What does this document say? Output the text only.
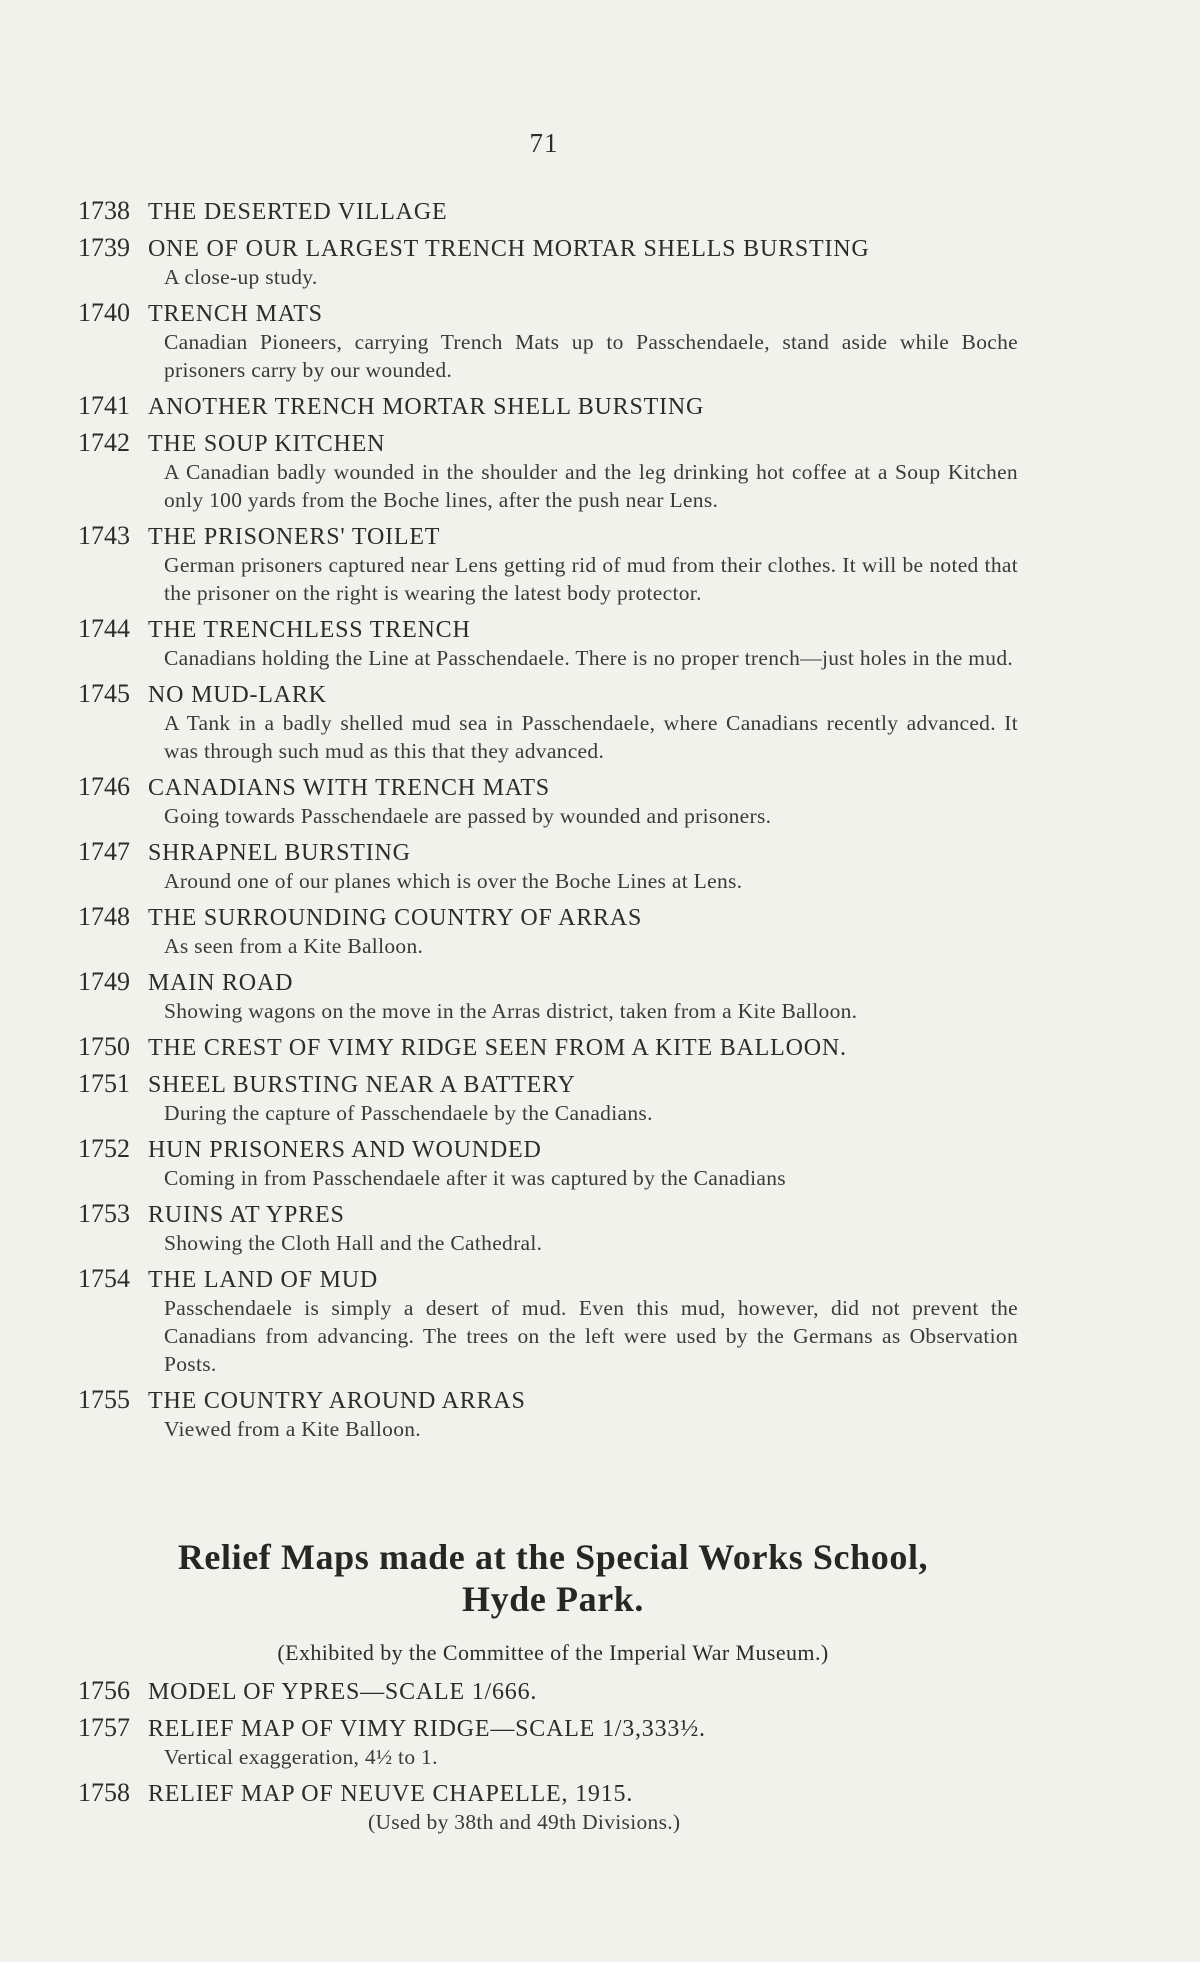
71
1738 THE DESERTED VILLAGE
1739 ONE OF OUR LARGEST TRENCH MORTAR SHELLS BURSTING
A close-up study.
1740 TRENCH MATS
Canadian Pioneers, carrying Trench Mats up to Passchendaele, stand aside while Boche prisoners carry by our wounded.
1741 ANOTHER TRENCH MORTAR SHELL BURSTING
1742 THE SOUP KITCHEN
A Canadian badly wounded in the shoulder and the leg drinking hot coffee at a Soup Kitchen only 100 yards from the Boche lines, after the push near Lens.
1743 THE PRISONERS' TOILET
German prisoners captured near Lens getting rid of mud from their clothes. It will be noted that the prisoner on the right is wearing the latest body protector.
1744 THE TRENCHLESS TRENCH
Canadians holding the Line at Passchendaele. There is no proper trench—just holes in the mud.
1745 NO MUD-LARK
A Tank in a badly shelled mud sea in Passchendaele, where Canadians recently advanced. It was through such mud as this that they advanced.
1746 CANADIANS WITH TRENCH MATS
Going towards Passchendaele are passed by wounded and prisoners.
1747 SHRAPNEL BURSTING
Around one of our planes which is over the Boche Lines at Lens.
1748 THE SURROUNDING COUNTRY OF ARRAS
As seen from a Kite Balloon.
1749 MAIN ROAD
Showing wagons on the move in the Arras district, taken from a Kite Balloon.
1750 THE CREST OF VIMY RIDGE SEEN FROM A KITE BALLOON.
1751 SHEEL BURSTING NEAR A BATTERY
During the capture of Passchendaele by the Canadians.
1752 HUN PRISONERS AND WOUNDED
Coming in from Passchendaele after it was captured by the Canadians
1753 RUINS AT YPRES
Showing the Cloth Hall and the Cathedral.
1754 THE LAND OF MUD
Passchendaele is simply a desert of mud. Even this mud, however, did not prevent the Canadians from advancing. The trees on the left were used by the Germans as Observation Posts.
1755 THE COUNTRY AROUND ARRAS
Viewed from a Kite Balloon.
Relief Maps made at the Special Works School,
Hyde Park.
(Exhibited by the Committee of the Imperial War Museum.)
1756 MODEL OF YPRES—SCALE 1/666.
1757 RELIEF MAP OF VIMY RIDGE—SCALE 1/3,333½.
Vertical exaggeration, 4½ to 1.
1758 RELIEF MAP OF NEUVE CHAPELLE, 1915.
(Used by 38th and 49th Divisions.)
